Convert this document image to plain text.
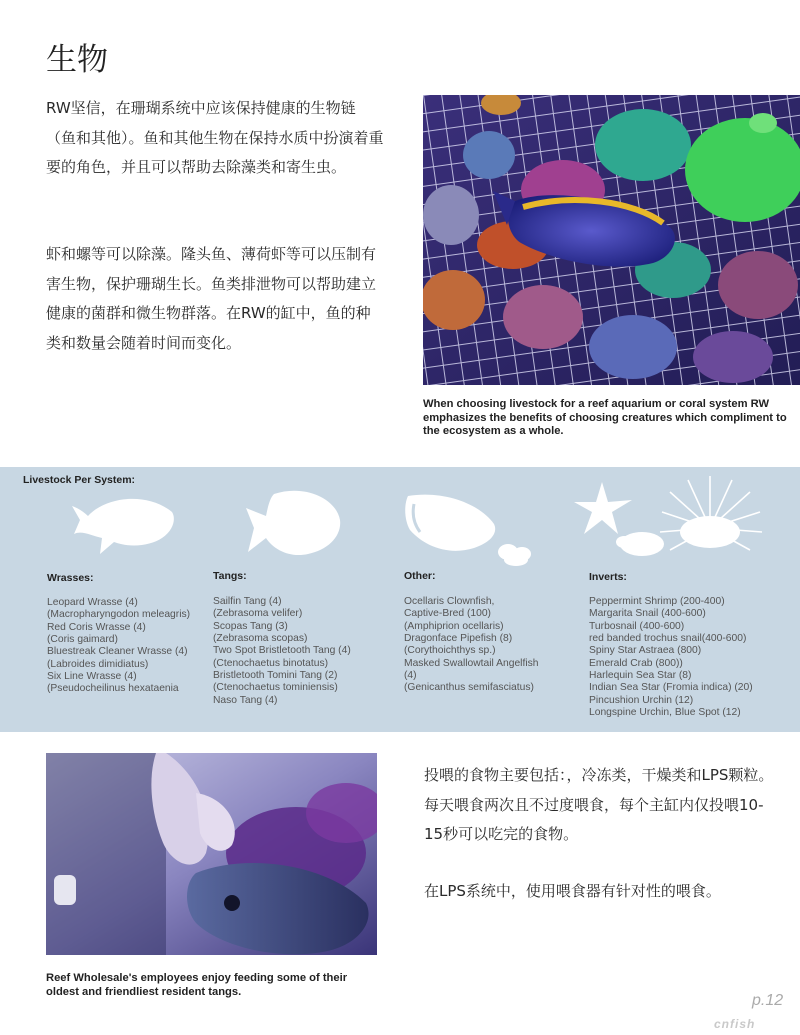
生物
RW坚信，在珊瑚系统中应该保持健康的生物链（鱼和其他）。鱼和其他生物在保持水质中扮演着重要的角色，并且可以帮助去除藻类和寄生虫。
虾和螺等可以除藻。隆头鱼、薄荷虾等可以压制有害生物，保护珊瑚生长。鱼类排泄物可以帮助建立健康的菌群和微生物群落。在RW的缸中，鱼的种类和数量会随着时间而变化。
When choosing livestock for a reef aquarium or coral system RW emphasizes the benefits of choosing creatures which compliment to the ecosystem as a whole.
Livestock Per System:
Wrasses:
Leopard Wrasse (4)
(Macropharyngodon meleagris)
Red Coris Wrasse (4)
(Coris gaimard)
Bluestreak Cleaner Wrasse (4)
(Labroides dimidiatus)
Six Line Wrasse (4)
(Pseudocheilinus hexataenia
Tangs:
Sailfin Tang (4)
(Zebrasoma velifer)
Scopas Tang (3)
(Zebrasoma scopas)
Two Spot Bristletooth Tang (4)
(Ctenochaetus binotatus)
Bristletooth Tomini Tang (2)
(Ctenochaetus tominiensis)
Naso Tang (4)
Other:
Ocellaris Clownfish,
Captive-Bred (100)
(Amphiprion ocellaris)
Dragonface Pipefish (8)
(Corythoichthys sp.)
Masked Swallowtail Angelfish
(4)
(Genicanthus semifasciatus)
Inverts:
Peppermint Shrimp (200-400)
Margarita Snail (400-600)
Turbosnail (400-600)
red banded trochus snail(400-600)
Spiny Star Astraea (800)
Emerald Crab (800))
Harlequin Sea Star (8)
Indian Sea Star (Fromia indica) (20)
Pincushion Urchin (12)
Longspine Urchin, Blue Spot (12)
Reef Wholesale's employees enjoy feeding some of their oldest and friendliest resident tangs.
投喂的食物主要包括：，冷冻类，干燥类和LPS颗粒。 每天喂食两次且不过度喂食，每个主缸内仅投喂10-15秒可以吃完的食物。
在LPS系统中，使用喂食器有针对性的喂食。
p.12
cnfish
